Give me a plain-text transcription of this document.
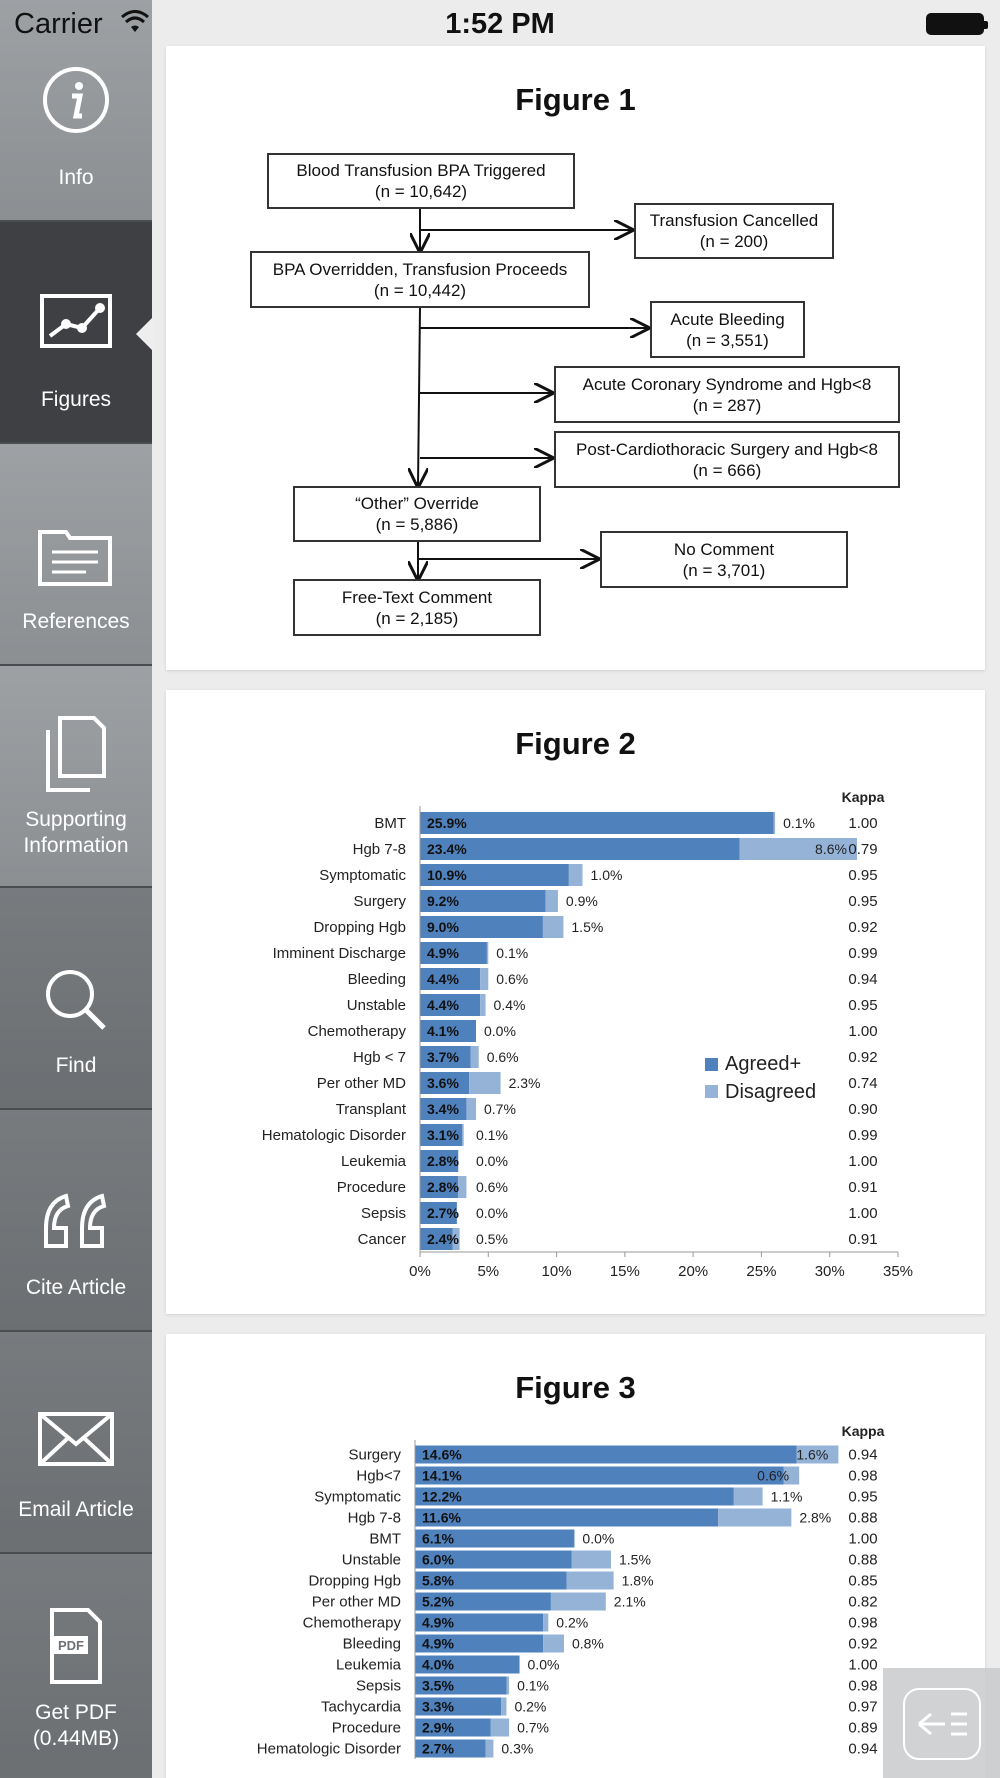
Carrier	1:52 PM
Info
Figures
References
Supporting Information
Find
Cite Article
Email Article
PDF
Get PDF (0.44MB)
Figure 1
Blood Transfusion BPA Triggered
(n = 10,642)
Transfusion Cancelled
(n = 200)
BPA Overridden, Transfusion Proceeds
(n = 10,442)
Acute Bleeding
(n = 3,551)
Acute Coronary Syndrome and Hgb<8
(n = 287)
Post-Cardiothoracic Surgery and Hgb<8
(n = 666)
“Other” Override
(n = 5,886)
No Comment
(n = 3,701)
Free-Text Comment
(n = 2,185)
Figure 2
Kappa
BMT 25.9%	0.1% 1.00
Hgb 7-8 23.4%	8.6% 0.79
Symptomatic 10.9%	1.0%	0.95
Surgery 9.2%	0.9%	0.95
Dropping Hgb 9.0%	1.5%	0.92
Imminent Discharge 4.9%	0.1%	0.99
Bleeding 4.4%	0.6%	0.94
Unstable 4.4% 0.4%	0.95
Chemotherapy 4.1% 0.0%	1.00
Hgb < 7 3.7% 0.6%	0.92
Per other MD 3.6%	2.3%	0.74
Transplant 3.4% 0.7%	0.90
Hematologic Disorder 3.1% 0.1%	0.99
Leukemia 2.8% 0.0%	1.00
Procedure 2.8% 0.6%	0.91
Sepsis 2.7% 0.0%	1.00
Cancer 2.4% 0.5%	0.91
0%	5%	10%	15%	20%	25%	30%	35%
Agreed+
Disagreed
Figure 3
Kappa
Surgery 14.6%	1.6% 0.94
Hgb<7 14.1%	0.6%	0.98
Symptomatic 12.2%	1.1%	0.95
Hgb 7-8 11.6%	2.8% 0.88
BMT 6.1%	0.0%	1.00
Unstable 6.0%	1.5%	0.88
Dropping Hgb 5.8%	1.8%	0.85
Per other MD 5.2%	2.1%	0.82
Chemotherapy 4.9%	0.2%	0.98
Bleeding 4.9%	0.8%	0.92
Leukemia 4.0%	0.0%	1.00
Sepsis 3.5%	0.1%	0.98
Tachycardia 3.3%	0.2%	0.97
Procedure 2.9%	0.7%	0.89
Hematologic Disorder 2.7%	0.3%	0.94
